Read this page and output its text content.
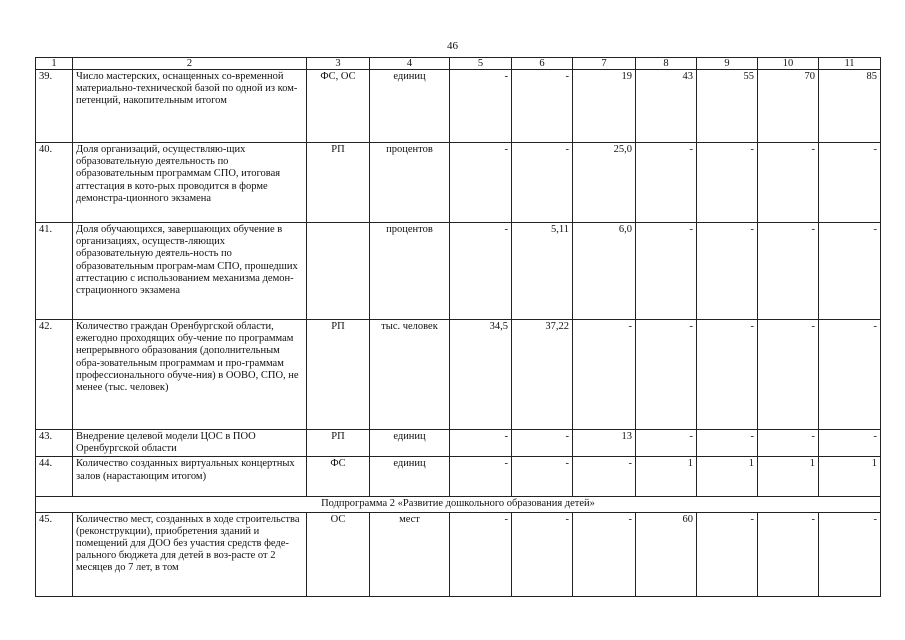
46
1	2	3	4	5	6	7	8	9	10	11
39.	Число мастерских, оснащенных со-временной материально-технической базой по одной из ком-петенций, накопительным итогом	ФС, ОС	единиц	-	-	19	43	55	70	85
40.	Доля организаций, осуществляю-щих образовательную деятельность по образовательным программам СПО, итоговая аттестация в кото-рых проводится в форме демонстра-ционного экзамена	РП	процентов	-	-	25,0	-	-	-	-
41.	Доля обучающихся, завершающих обучение в организациях, осуществ-ляющих образовательную деятель-ность по образовательным програм-мам СПО, прошедших аттестацию с использованием механизма демон-страционного экзамена		процентов	-	5,11	6,0	-	-	-	-
42.	Количество граждан Оренбургской области, ежегодно проходящих обу-чение по программам непрерывного образования (дополнительным обра-зовательным программам и про-граммам профессионального обуче-ния) в ООВО, СПО, не менее (тыс. человек)	РП	тыс. человек	34,5	37,22	-	-	-	-	-
43.	Внедрение целевой модели ЦОС в ПОО Оренбургской области	РП	единиц	-	-	13	-	-	-	-
44.	Количество созданных виртуальных концертных залов (нарастающим итогом)	ФС	единиц	-	-	-	1	1	1	1
Подпрограмма 2 «Развитие дошкольного образования детей»										
45.	Количество мест, созданных в ходе строительства (реконструкции), приобретения зданий и помещений для ДОО без участия средств феде-рального бюджета для детей в воз-расте от 2 месяцев до 7 лет, в том	ОС	мест	-	-	-	60	-	-	-
